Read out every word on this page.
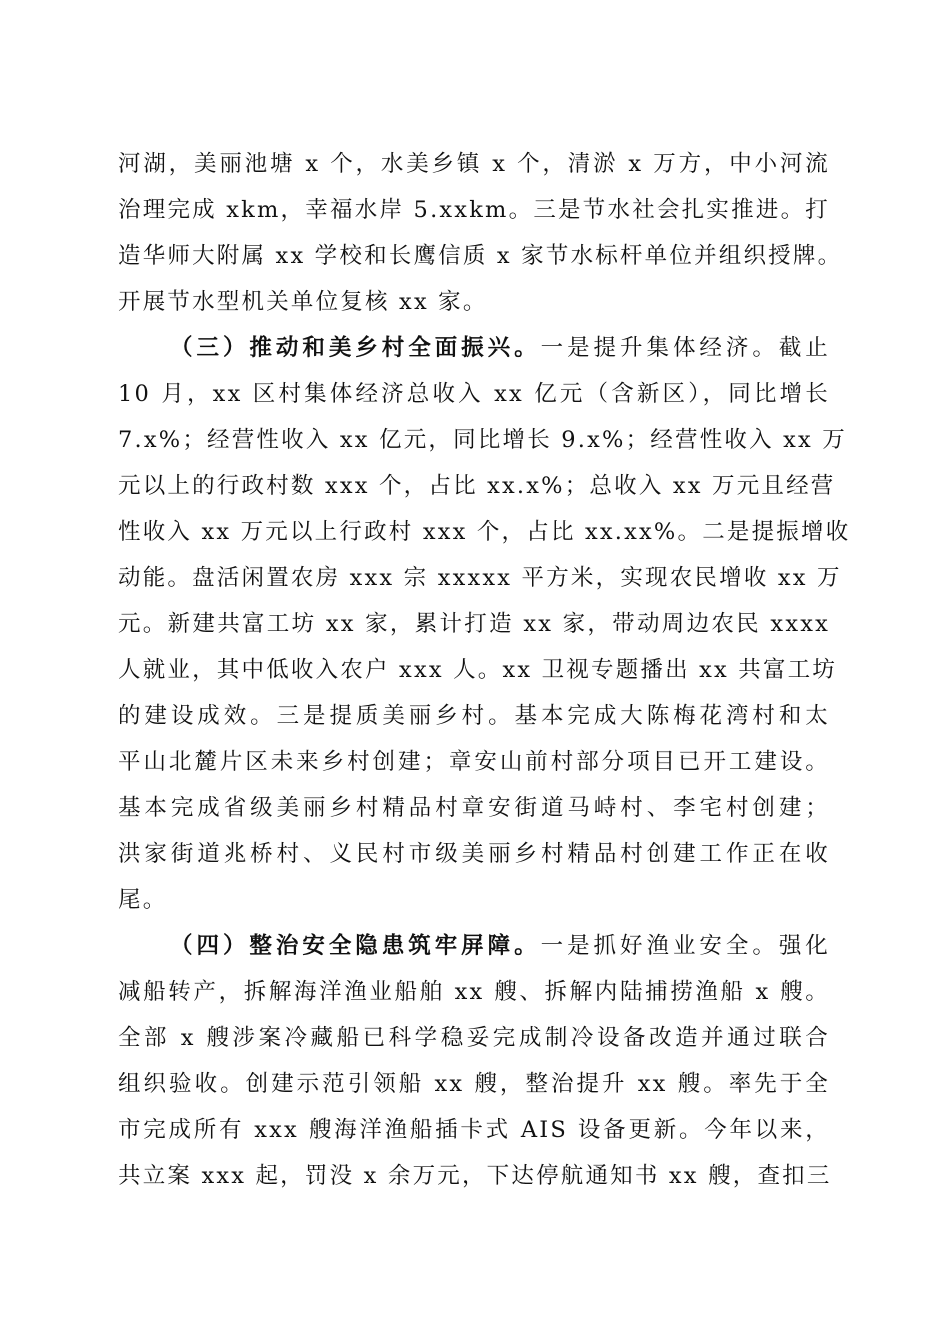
河湖，美丽池塘 x 个，水美乡镇 x 个，清淤 x 万方，中小河流
治理完成 xkm，幸福水岸 5.xxkm。三是节水社会扎实推进。打
造华师大附属 xx 学校和长鹰信质 x 家节水标杆单位并组织授牌。
开展节水型机关单位复核 xx 家。
（三）推动和美乡村全面振兴。一是提升集体经济。截止
10 月，xx 区村集体经济总收入 xx 亿元（含新区），同比增长
7.x%；经营性收入 xx 亿元，同比增长 9.x%；经营性收入 xx 万
元以上的行政村数 xxx 个，占比 xx.x%；总收入 xx 万元且经营
性收入 xx 万元以上行政村 xxx 个，占比 xx.xx%。二是提振增收
动能。盘活闲置农房 xxx 宗 xxxxx 平方米，实现农民增收 xx 万
元。新建共富工坊 xx 家，累计打造 xx 家，带动周边农民 xxxx
人就业，其中低收入农户 xxx 人。xx 卫视专题播出 xx 共富工坊
的建设成效。三是提质美丽乡村。基本完成大陈梅花湾村和太
平山北麓片区未来乡村创建；章安山前村部分项目已开工建设。
基本完成省级美丽乡村精品村章安街道马峙村、李宅村创建；
洪家街道兆桥村、义民村市级美丽乡村精品村创建工作正在收
尾。
（四）整治安全隐患筑牢屏障。一是抓好渔业安全。强化
减船转产，拆解海洋渔业船舶 xx 艘、拆解内陆捕捞渔船 x 艘。
全部 x 艘涉案冷藏船已科学稳妥完成制冷设备改造并通过联合
组织验收。创建示范引领船 xx 艘，整治提升 xx 艘。率先于全
市完成所有 xxx 艘海洋渔船插卡式 AIS 设备更新。今年以来，
共立案 xxx 起，罚没 x 余万元，下达停航通知书 xx 艘，查扣三
